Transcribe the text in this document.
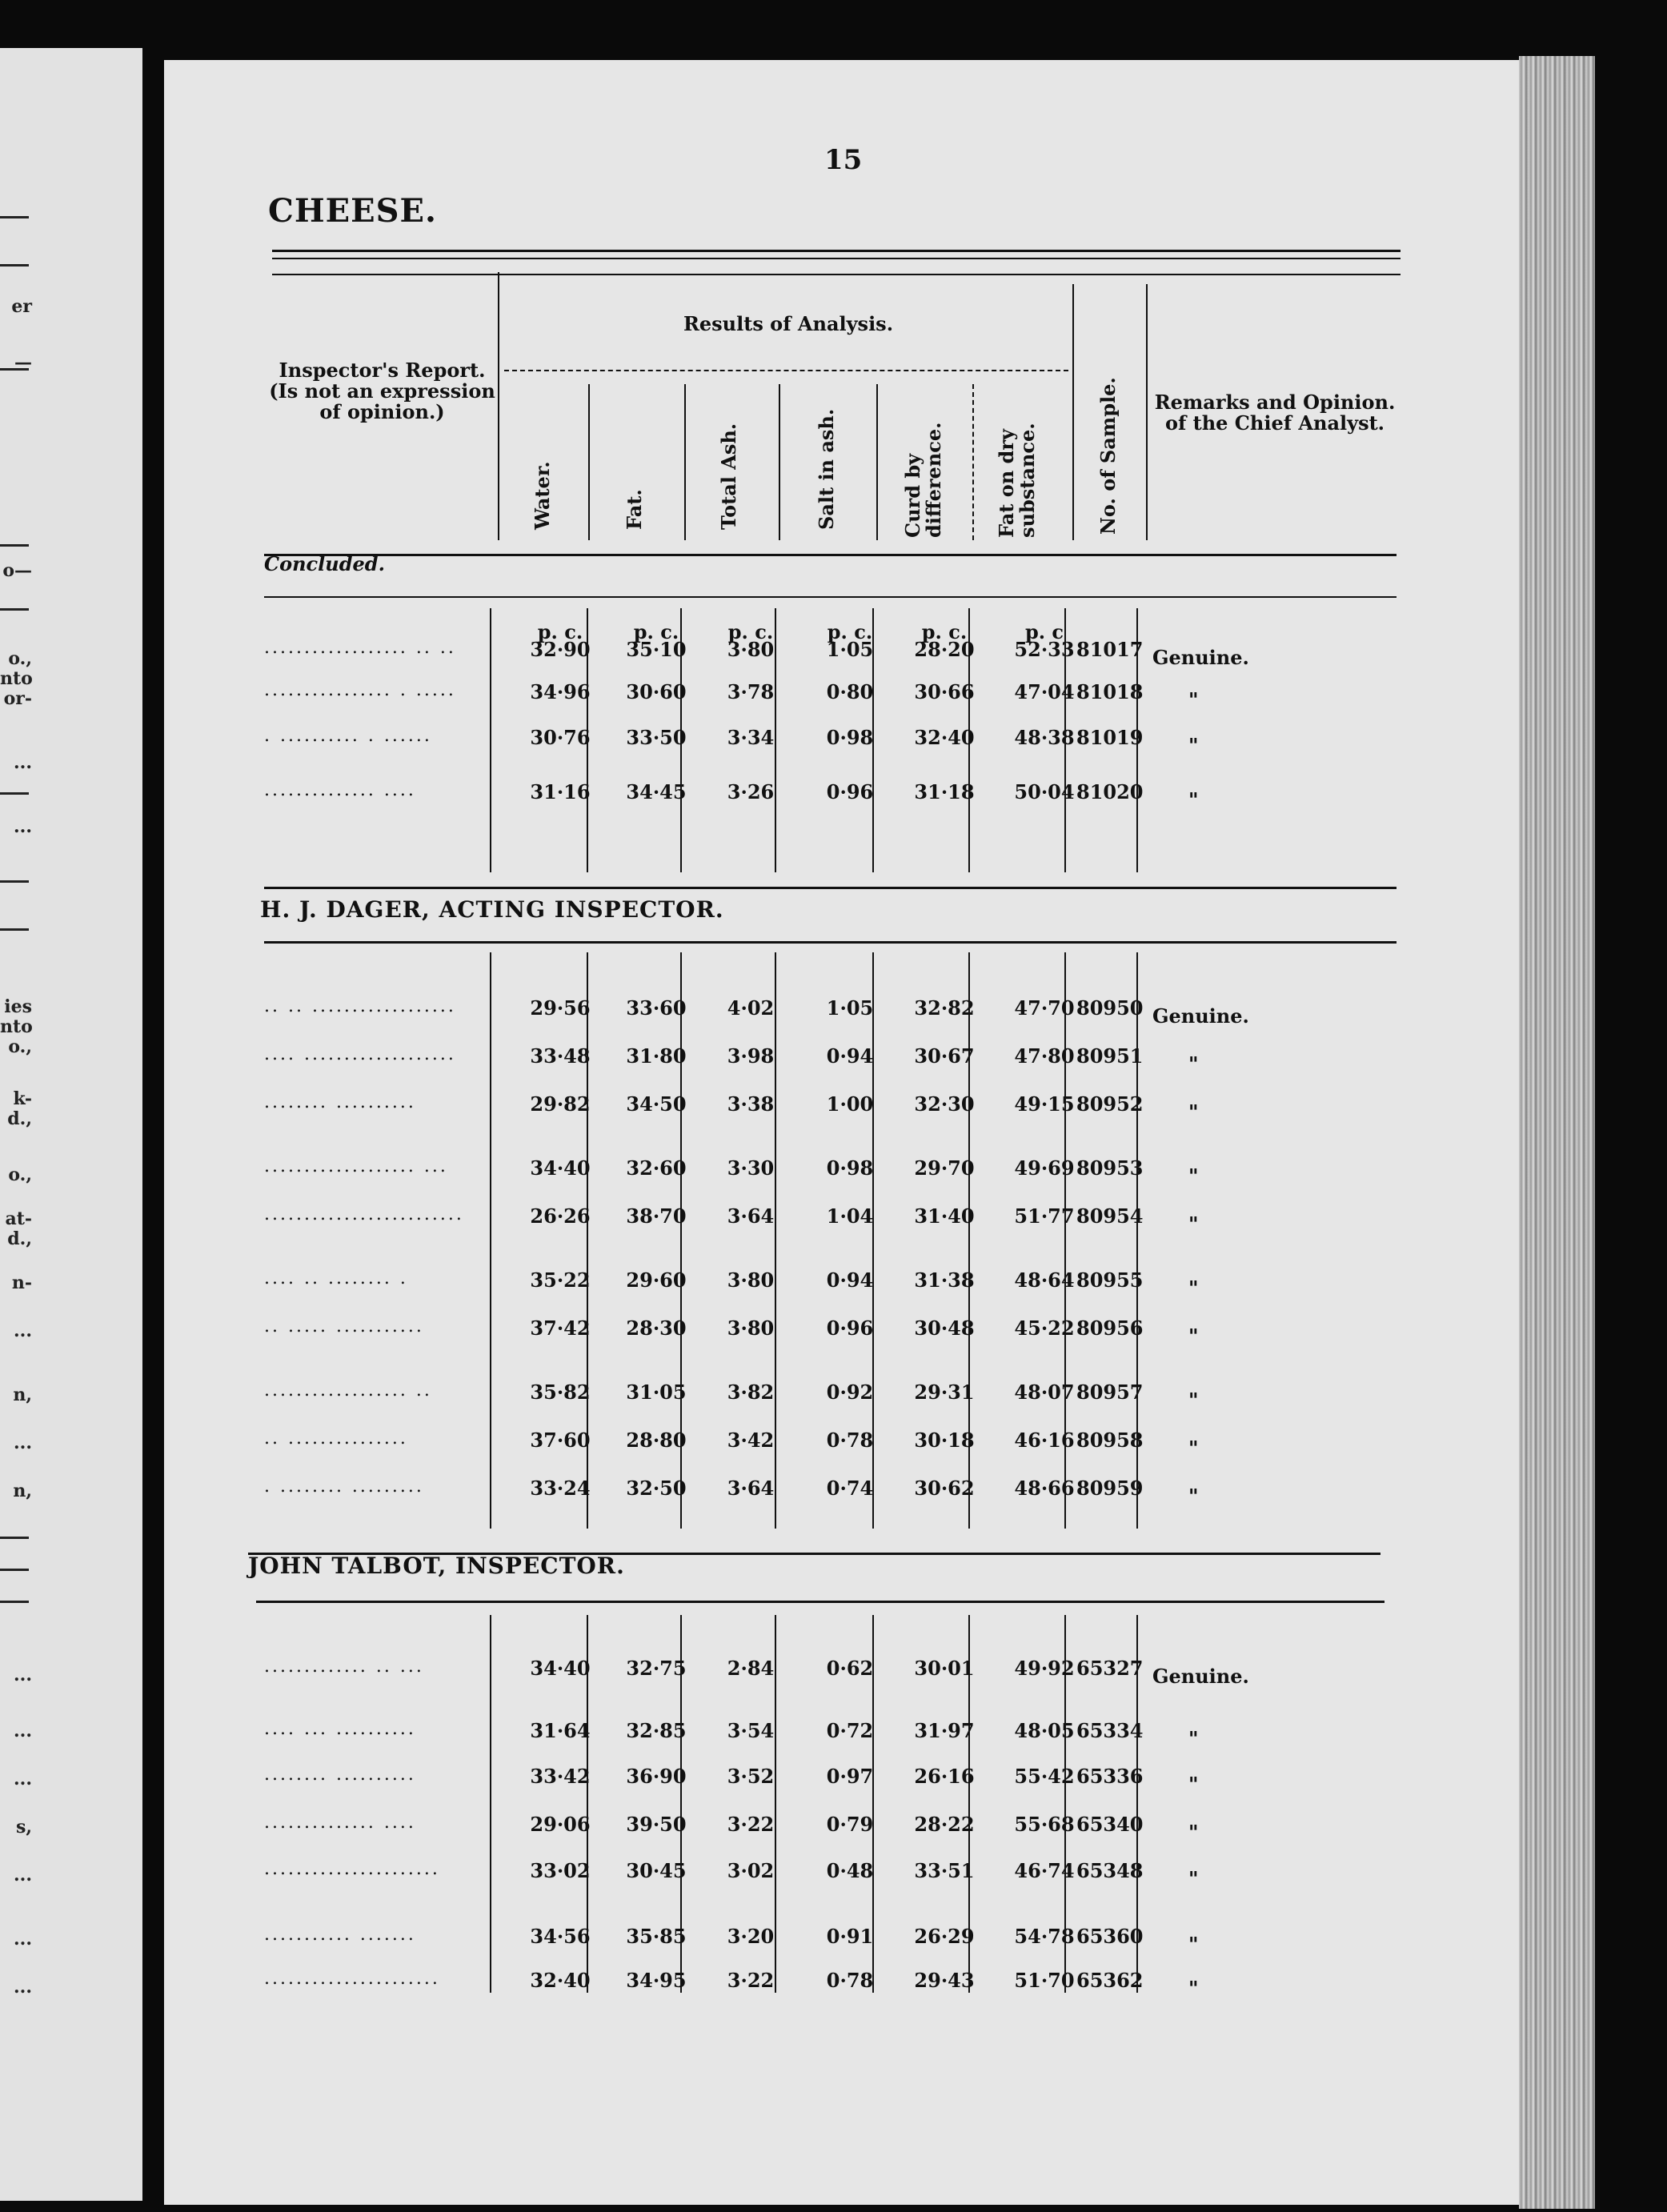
er
—
o—
o.,
nto
or-
...
...
ies
nto
o.,
k-
d.,
o.,
at-
d.,
n-
...
n,
...
n,
...
...
...
s,
...
...
...
15
CHEESE.
Inspector's Report. (Is not an expression of opinion.)
Results of Analysis.
Remarks and Opinion. of the Chief Analyst.
Water.	Fat.	Total Ash.	Salt in ash.	Curd by difference.	Fat on dry substance.	No. of Sample.
Concluded.
p. c.	p. c.	p. c.	p. c.	p. c.	p. c
.................. .. ..	32·90	35·10	3·80	1·05	28·20	52·33 81017 Genuine.
................ . .....	34·96	30·60	3·78	0·80	30·66	47·04 81018 "
. .......... . ......	30·76	33·50	3·34	0·98	32·40	48·38 81019 "
.............. ....	31·16	34·45	3·26	0·96	31·18	50·04 81020 "
H. J. DAGER, ACTING INSPECTOR.
.. .. ..................	29·56	33·60	4·02	1·05	32·82	47·70 80950 Genuine.
.... ...................	33·48	31·80	3·98	0·94	30·67	47·80 80951 "
........ ..........	29·82	34·50	3·38	1·00	32·30	49·15 80952 "
................... ...	34·40	32·60	3·30	0·98	29·70	49·69 80953 "
.........................	26·26	38·70	3·64	1·04	31·40	51·77 80954 "
.... .. ........ .	35·22	29·60	3·80	0·94	31·38	48·64 80955 "
.. ..... ...........	37·42	28·30	3·80	0·96	30·48	45·22 80956 "
.................. ..	35·82	31·05	3·82	0·92	29·31	48·07 80957 "
.. ...............	37·60	28·80	3·42	0·78	30·18	46·16 80958 "
. ........ .........	33·24	32·50	3·64	0·74	30·62	48·66 80959 "
JOHN TALBOT, INSPECTOR.
............. .. ...	34·40	32·75	2·84	0·62	30·01	49·92 65327 Genuine.
.... ... ..........	31·64	32·85	3·54	0·72	31·97	48·05 65334 "
........ ..........	33·42	36·90	3·52	0·97	26·16	55·42 65336 "
.............. ....	29·06	39·50	3·22	0·79	28·22	55·68 65340 "
......................	33·02	30·45	3·02	0·48	33·51	46·74 65348 "
........... .......	34·56	35·85	3·20	0·91	26·29	54·78 65360 "
......................	32·40	34·95	3·22	0·78	29·43	51·70 65362 "
